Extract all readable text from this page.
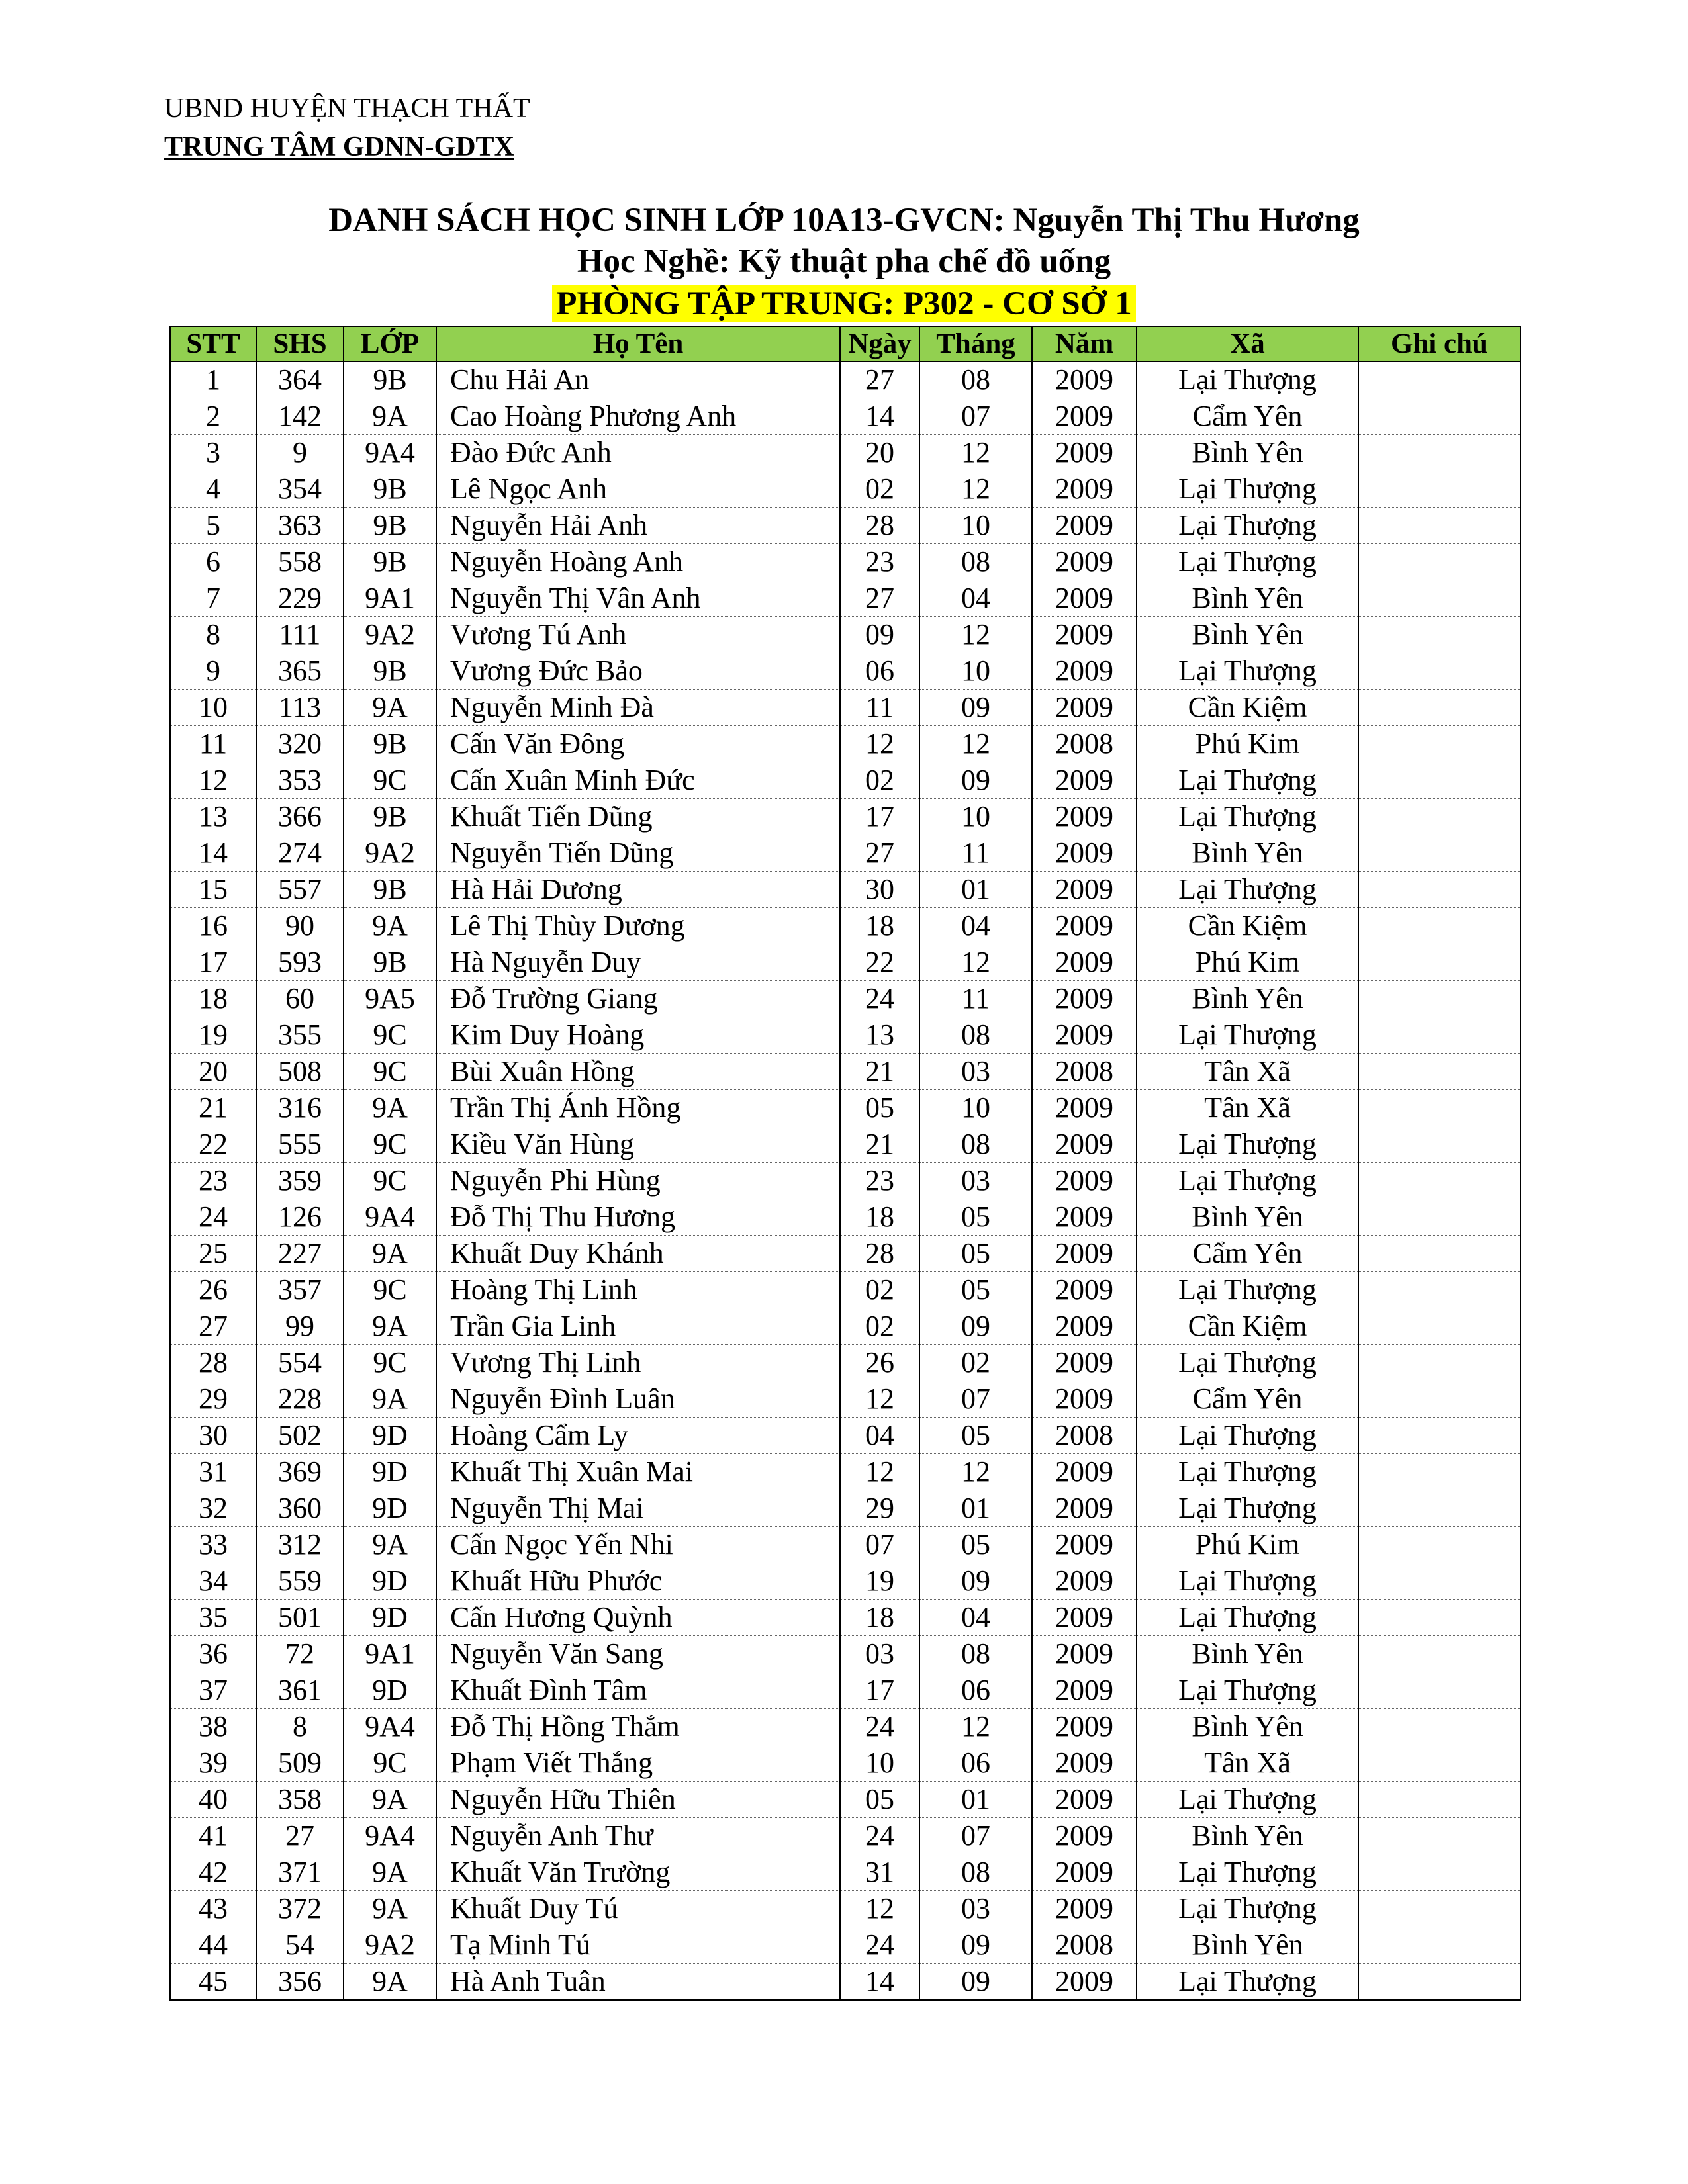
UBND HUYỆN THẠCH THẤT
TRUNG TÂM GDNN-GDTX
DANH SÁCH HỌC SINH LỚP 10A13-GVCN: Nguyễn Thị Thu Hương
Học Nghề: Kỹ thuật pha chế đồ uống
PHÒNG TẬP TRUNG: P302 - CƠ SỞ 1
STT	SHS	LỚP	Họ Tên	Ngày	Tháng	Năm	Xã	Ghi chú
1	364	9B	Chu Hải An	27	08	2009	Lại Thượng	
2	142	9A	Cao Hoàng Phương Anh	14	07	2009	Cẩm Yên	
3	9	9A4	Đào Đức Anh	20	12	2009	Bình Yên	
4	354	9B	Lê Ngọc Anh	02	12	2009	Lại Thượng	
5	363	9B	Nguyễn Hải Anh	28	10	2009	Lại Thượng	
6	558	9B	Nguyễn Hoàng Anh	23	08	2009	Lại Thượng	
7	229	9A1	Nguyễn Thị Vân Anh	27	04	2009	Bình Yên	
8	111	9A2	Vương Tú Anh	09	12	2009	Bình Yên	
9	365	9B	Vương Đức Bảo	06	10	2009	Lại Thượng	
10	113	9A	Nguyễn Minh Đà	11	09	2009	Cần Kiệm	
11	320	9B	Cấn Văn Đông	12	12	2008	Phú Kim	
12	353	9C	Cấn Xuân Minh Đức	02	09	2009	Lại Thượng	
13	366	9B	Khuất Tiến Dũng	17	10	2009	Lại Thượng	
14	274	9A2	Nguyễn Tiến Dũng	27	11	2009	Bình Yên	
15	557	9B	Hà Hải Dương	30	01	2009	Lại Thượng	
16	90	9A	Lê Thị Thùy Dương	18	04	2009	Cần Kiệm	
17	593	9B	Hà Nguyễn Duy	22	12	2009	Phú Kim	
18	60	9A5	Đỗ Trường Giang	24	11	2009	Bình Yên	
19	355	9C	Kim Duy Hoàng	13	08	2009	Lại Thượng	
20	508	9C	Bùi Xuân Hồng	21	03	2008	Tân Xã	
21	316	9A	Trần Thị Ánh Hồng	05	10	2009	Tân Xã	
22	555	9C	Kiều Văn Hùng	21	08	2009	Lại Thượng	
23	359	9C	Nguyễn Phi Hùng	23	03	2009	Lại Thượng	
24	126	9A4	Đỗ Thị Thu Hương	18	05	2009	Bình Yên	
25	227	9A	Khuất Duy Khánh	28	05	2009	Cẩm Yên	
26	357	9C	Hoàng Thị Linh	02	05	2009	Lại Thượng	
27	99	9A	Trần Gia Linh	02	09	2009	Cần Kiệm	
28	554	9C	Vương Thị Linh	26	02	2009	Lại Thượng	
29	228	9A	Nguyễn Đình Luân	12	07	2009	Cẩm Yên	
30	502	9D	Hoàng Cẩm Ly	04	05	2008	Lại Thượng	
31	369	9D	Khuất Thị Xuân Mai	12	12	2009	Lại Thượng	
32	360	9D	Nguyễn Thị Mai	29	01	2009	Lại Thượng	
33	312	9A	Cấn Ngọc Yến Nhi	07	05	2009	Phú Kim	
34	559	9D	Khuất Hữu Phước	19	09	2009	Lại Thượng	
35	501	9D	Cấn Hương Quỳnh	18	04	2009	Lại Thượng	
36	72	9A1	Nguyễn Văn Sang	03	08	2009	Bình Yên	
37	361	9D	Khuất Đình Tâm	17	06	2009	Lại Thượng	
38	8	9A4	Đỗ Thị Hồng Thắm	24	12	2009	Bình Yên	
39	509	9C	Phạm Viết Thắng	10	06	2009	Tân Xã	
40	358	9A	Nguyễn Hữu Thiên	05	01	2009	Lại Thượng	
41	27	9A4	Nguyễn Anh Thư	24	07	2009	Bình Yên	
42	371	9A	Khuất Văn Trường	31	08	2009	Lại Thượng	
43	372	9A	Khuất Duy Tú	12	03	2009	Lại Thượng	
44	54	9A2	Tạ Minh Tú	24	09	2008	Bình Yên	
45	356	9A	Hà Anh Tuân	14	09	2009	Lại Thượng	
